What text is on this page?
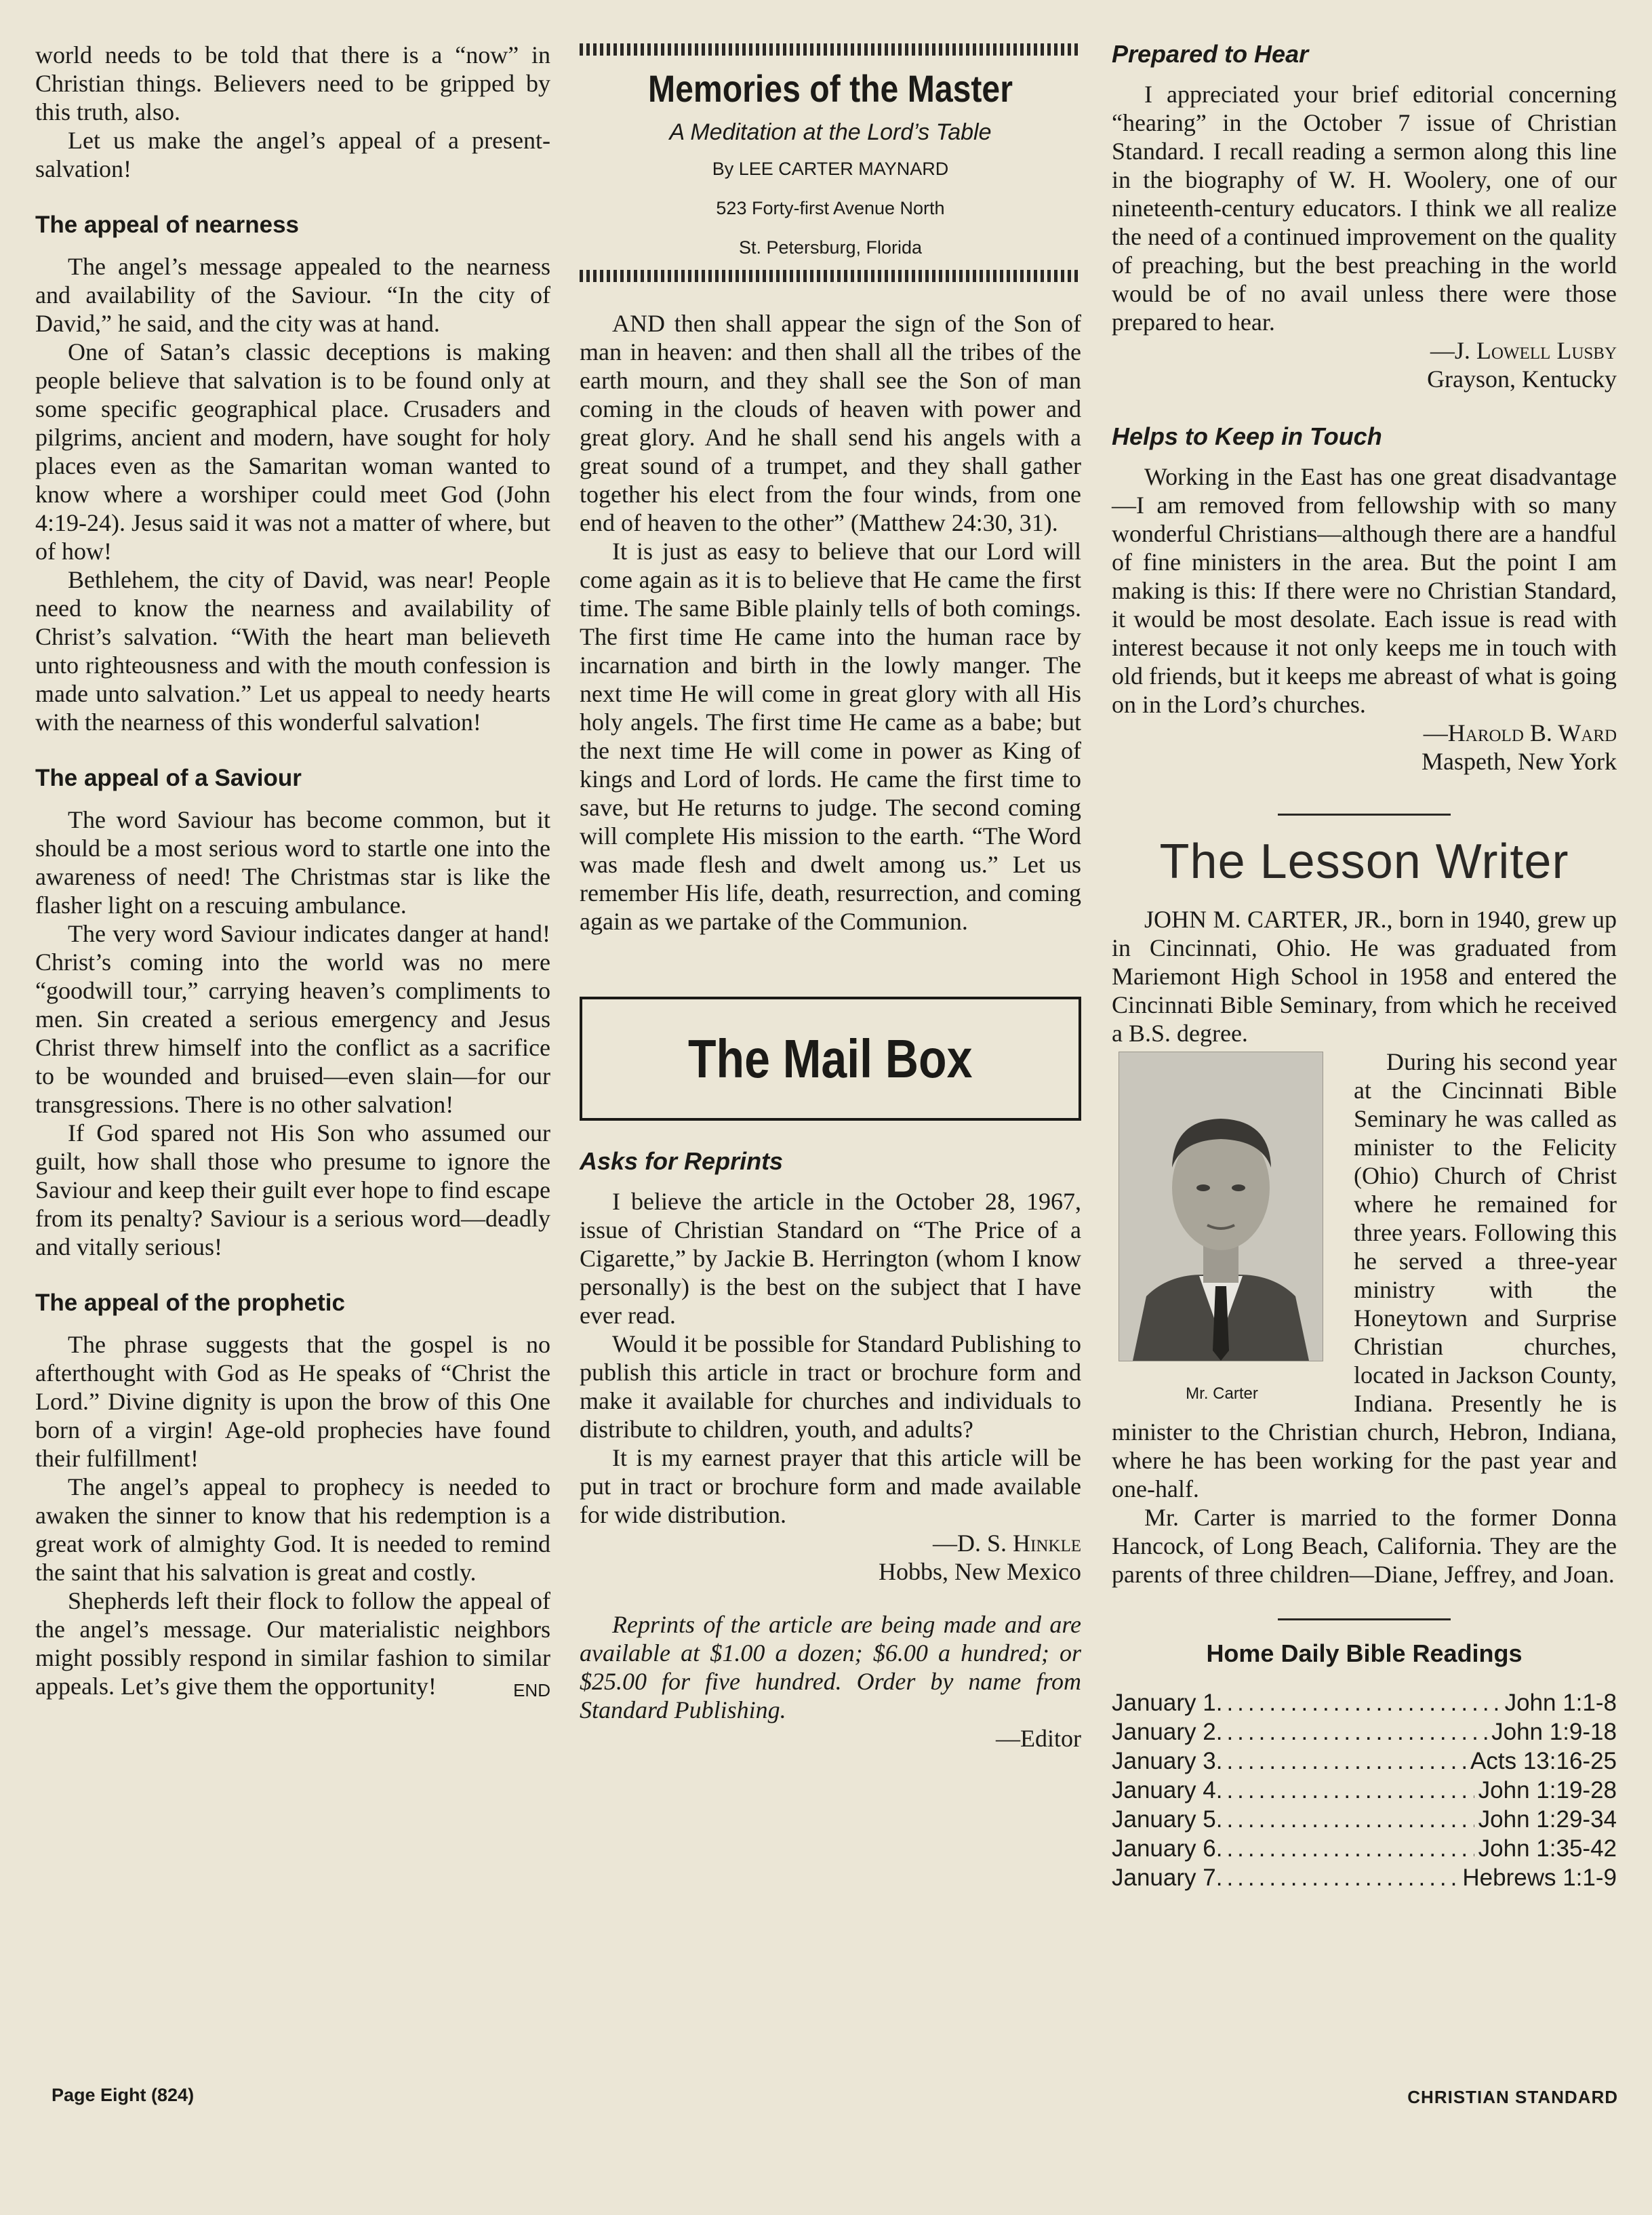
world needs to be told that there is a “now” in Christian things. Believers need to be gripped by this truth, also.

Let us make the angel’s appeal of a present-salvation!

The appeal of nearness

The angel’s message appealed to the nearness and availability of the Saviour. “In the city of David,” he said, and the city was at hand.

One of Satan’s classic deceptions is making people believe that salvation is to be found only at some specific geographical place. Crusaders and pilgrims, ancient and modern, have sought for holy places even as the Samaritan woman wanted to know where a worshiper could meet God (John 4:19-24). Jesus said it was not a matter of where, but of how!

Bethlehem, the city of David, was near! People need to know the nearness and availability of Christ’s salvation. “With the heart man believeth unto righteousness and with the mouth confession is made unto salvation.” Let us appeal to needy hearts with the nearness of this wonderful salvation!

The appeal of a Saviour

The word Saviour has become common, but it should be a most serious word to startle one into the awareness of need! The Christmas star is like the flasher light on a rescuing ambulance.

The very word Saviour indicates danger at hand! Christ’s coming into the world was no mere “goodwill tour,” carrying heaven’s compliments to men. Sin created a serious emergency and Jesus Christ threw himself into the conflict as a sacrifice to be wounded and bruised—even slain—for our transgressions. There is no other salvation!

If God spared not His Son who assumed our guilt, how shall those who presume to ignore the Saviour and keep their guilt ever hope to find escape from its penalty? Saviour is a serious word—deadly and vitally serious!

The appeal of the prophetic

The phrase suggests that the gospel is no afterthought with God as He speaks of “Christ the Lord.” Divine dignity is upon the brow of this One born of a virgin! Age-old prophecies have found their fulfillment!

The angel’s appeal to prophecy is needed to awaken the sinner to know that his redemption is a great work of almighty God. It is needed to remind the saint that his salvation is great and costly.

Shepherds left their flock to follow the appeal of the angel’s message. Our materialistic neighbors might possibly respond in similar fashion to similar appeals. Let’s give them the opportunity!	END

Memories of the Master
A Meditation at the Lord’s Table
By LEE CARTER MAYNARD
523 Forty-first Avenue North
St. Petersburg, Florida

AND then shall appear the sign of the Son of man in heaven: and then shall all the tribes of the earth mourn, and they shall see the Son of man coming in the clouds of heaven with power and great glory. And he shall send his angels with a great sound of a trumpet, and they shall gather together his elect from the four winds, from one end of heaven to the other” (Matthew 24:30, 31).

It is just as easy to believe that our Lord will come again as it is to believe that He came the first time. The same Bible plainly tells of both comings. The first time He came into the human race by incarnation and birth in the lowly manger. The next time He will come in great glory with all His holy angels. The first time He came as a babe; but the next time He will come in power as King of kings and Lord of lords. He came the first time to save, but He returns to judge. The second coming will complete His mission to the earth. “The Word was made flesh and dwelt among us.” Let us remember His life, death, resurrection, and coming again as we partake of the Communion.

The Mail Box
Asks for Reprints

I believe the article in the October 28, 1967, issue of Christian Standard on “The Price of a Cigarette,” by Jackie B. Herrington (whom I know personally) is the best on the subject that I have ever read.

Would it be possible for Standard Publishing to publish this article in tract or brochure form and make it available for churches and individuals to distribute to children, youth, and adults?

It is my earnest prayer that this article will be put in tract or brochure form and made available for wide distribution.

—D. S. Hinkle
Hobbs, New Mexico

Reprints of the article are being made and are available at $1.00 a dozen; $6.00 a hundred; or $25.00 for five hundred. Order by name from Standard Publishing.

—Editor
Prepared to Hear

I appreciated your brief editorial concerning “hearing” in the October 7 issue of Christian Standard. I recall reading a sermon along this line in the biography of W. H. Woolery, one of our nineteenth-century educators. I think we all realize the need of a continued improvement on the quality of preaching, but the best preaching in the world would be of no avail unless there were those prepared to hear.

—J. Lowell Lusby
Grayson, Kentucky
Helps to Keep in Touch

Working in the East has one great disadvantage—I am removed from fellowship with so many wonderful Christians—although there are a handful of fine ministers in the area. But the point I am making is this: If there were no Christian Standard, it would be most desolate. Each issue is read with interest because it not only keeps me in touch with old friends, but it keeps me abreast of what is going on in the Lord’s churches.

—Harold B. Ward
Maspeth, New York
The Lesson Writer

JOHN M. CARTER, JR., born in 1940, grew up in Cincinnati, Ohio. He was graduated from Mariemont High School in 1958 and entered the Cincinnati Bible Seminary, from which he received a B.S. degree.

Mr. Carter

During his second year at the Cincinnati Bible Seminary he was called as minister to the Felicity (Ohio) Church of Christ where he remained for three years. Following this he served a three-year ministry with the Honeytown and Surprise Christian churches, located in Jackson County, Indiana. Presently he is minister to the Christian church, Hebron, Indiana, where he has been working for the past year and one-half.

Mr. Carter is married to the former Donna Hancock, of Long Beach, California. They are the parents of three children—Diane, Jeffrey, and Joan.

Home Daily Bible Readings
January 1 .....	John 1:1-8
January 2 .....	John 1:9-18
January 3 .....	Acts 13:16-25
January 4 .....	John 1:19-28
January 5 .....	John 1:29-34
January 6 .....	John 1:35-42
January 7 .....	Hebrews 1:1-9
Page Eight (824)	CHRISTIAN STANDARD
